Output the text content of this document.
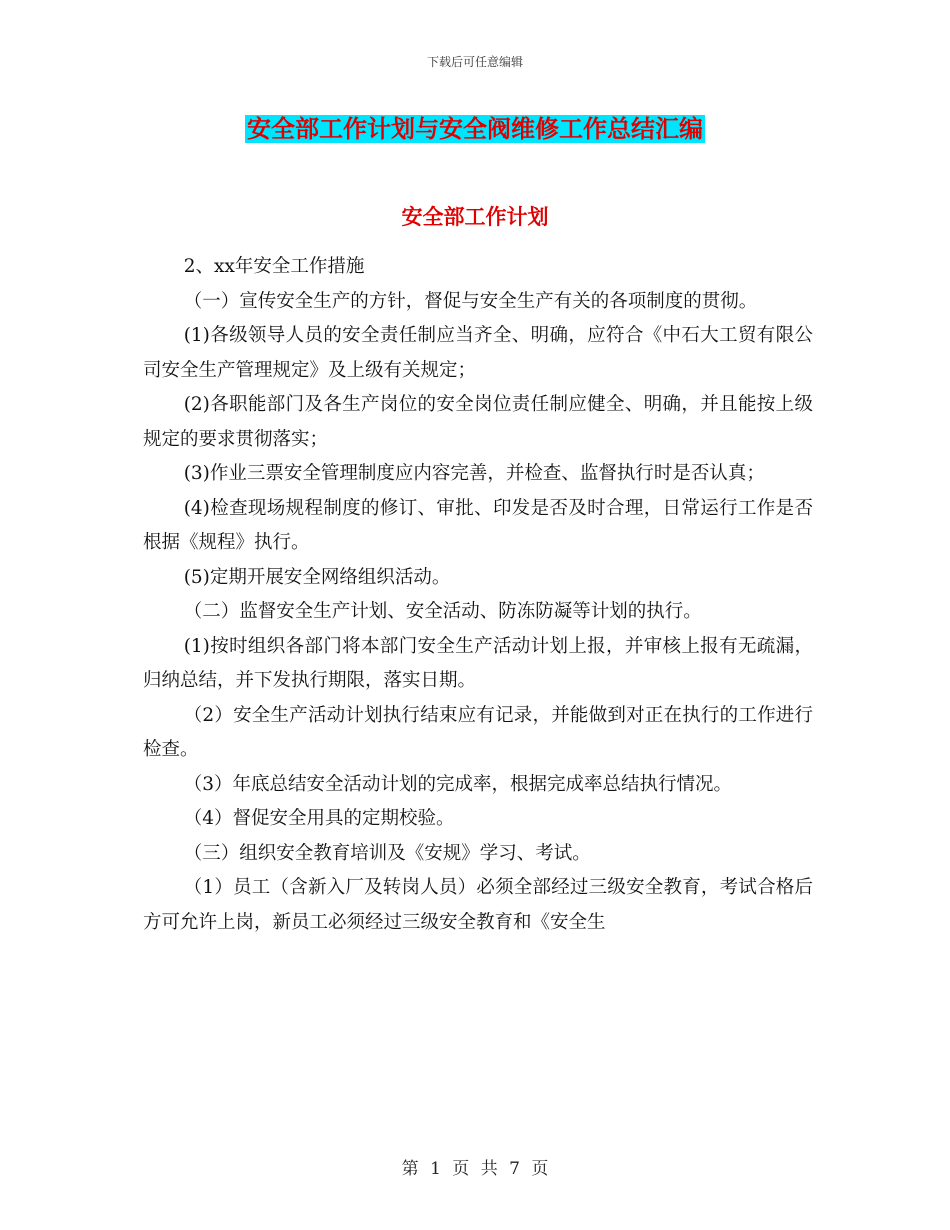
下载后可任意编辑
安全部工作计划与安全阀维修工作总结汇编
安全部工作计划

2、xx年安全工作措施

（一）宣传安全生产的方针，督促与安全生产有关的各项制度的贯彻。

(1)各级领导人员的安全责任制应当齐全、明确，应符合《中石大工贸有限公司安全生产管理规定》及上级有关规定；

(2)各职能部门及各生产岗位的安全岗位责任制应健全、明确，并且能按上级规定的要求贯彻落实；

(3)作业三票安全管理制度应内容完善，并检查、监督执行时是否认真；

(4)检查现场规程制度的修订、审批、印发是否及时合理，日常运行工作是否根据《规程》执行。

(5)定期开展安全网络组织活动。

（二）监督安全生产计划、安全活动、防冻防凝等计划的执行。

(1)按时组织各部门将本部门安全生产活动计划上报，并审核上报有无疏漏，归纳总结，并下发执行期限，落实日期。

（2）安全生产活动计划执行结束应有记录，并能做到对正在执行的工作进行检查。

（3）年底总结安全活动计划的完成率，根据完成率总结执行情况。

（4）督促安全用具的定期校验。

（三）组织安全教育培训及《安规》学习、考试。

（1）员工（含新入厂及转岗人员）必须全部经过三级安全教育，考试合格后方可允许上岗，新员工必须经过三级安全教育和《安全生

第 1 页 共 7 页
